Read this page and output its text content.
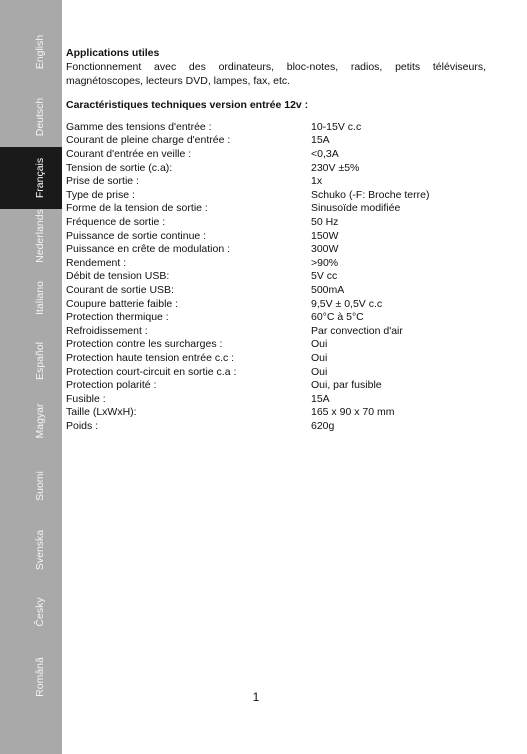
English
Deutsch
Français
Nederlands
Italiano
Español
Magyar
Suomi
Svenska
Česky
Română
Applications utiles

Fonctionnement avec des ordinateurs, bloc-notes, radios, petits téléviseurs, magnétoscopes, lecteurs DVD, lampes, fax, etc.

Caractéristiques techniques version entrée 12v :
Gamme des tensions d'entrée :	10-15V c.c
Courant de pleine charge d'entrée :	15A
Courant d'entrée en veille :	<0,3A
Tension de sortie (c.a):	230V ±5%
Prise de sortie :	1x
Type de prise :	Schuko (-F: Broche terre)
Forme de la tension de sortie :	Sinusoïde modifiée
Fréquence de sortie :	50 Hz
Puissance de sortie continue :	150W
Puissance en crête de modulation :	300W
Rendement :	>90%
Débit de tension USB:	5V cc
Courant de sortie USB:	500mA
Coupure batterie faible :	9,5V ± 0,5V c.c
Protection thermique :	60°C à 5°C
Refroidissement :	Par convection d'air
Protection contre les surcharges :	Oui
Protection haute tension entrée c.c :	Oui
Protection court-circuit en sortie c.a :	Oui
Protection polarité :	Oui, par fusible
Fusible :	15A
Taille (LxWxH):	165 x 90 x 70 mm
Poids :	620g
1
